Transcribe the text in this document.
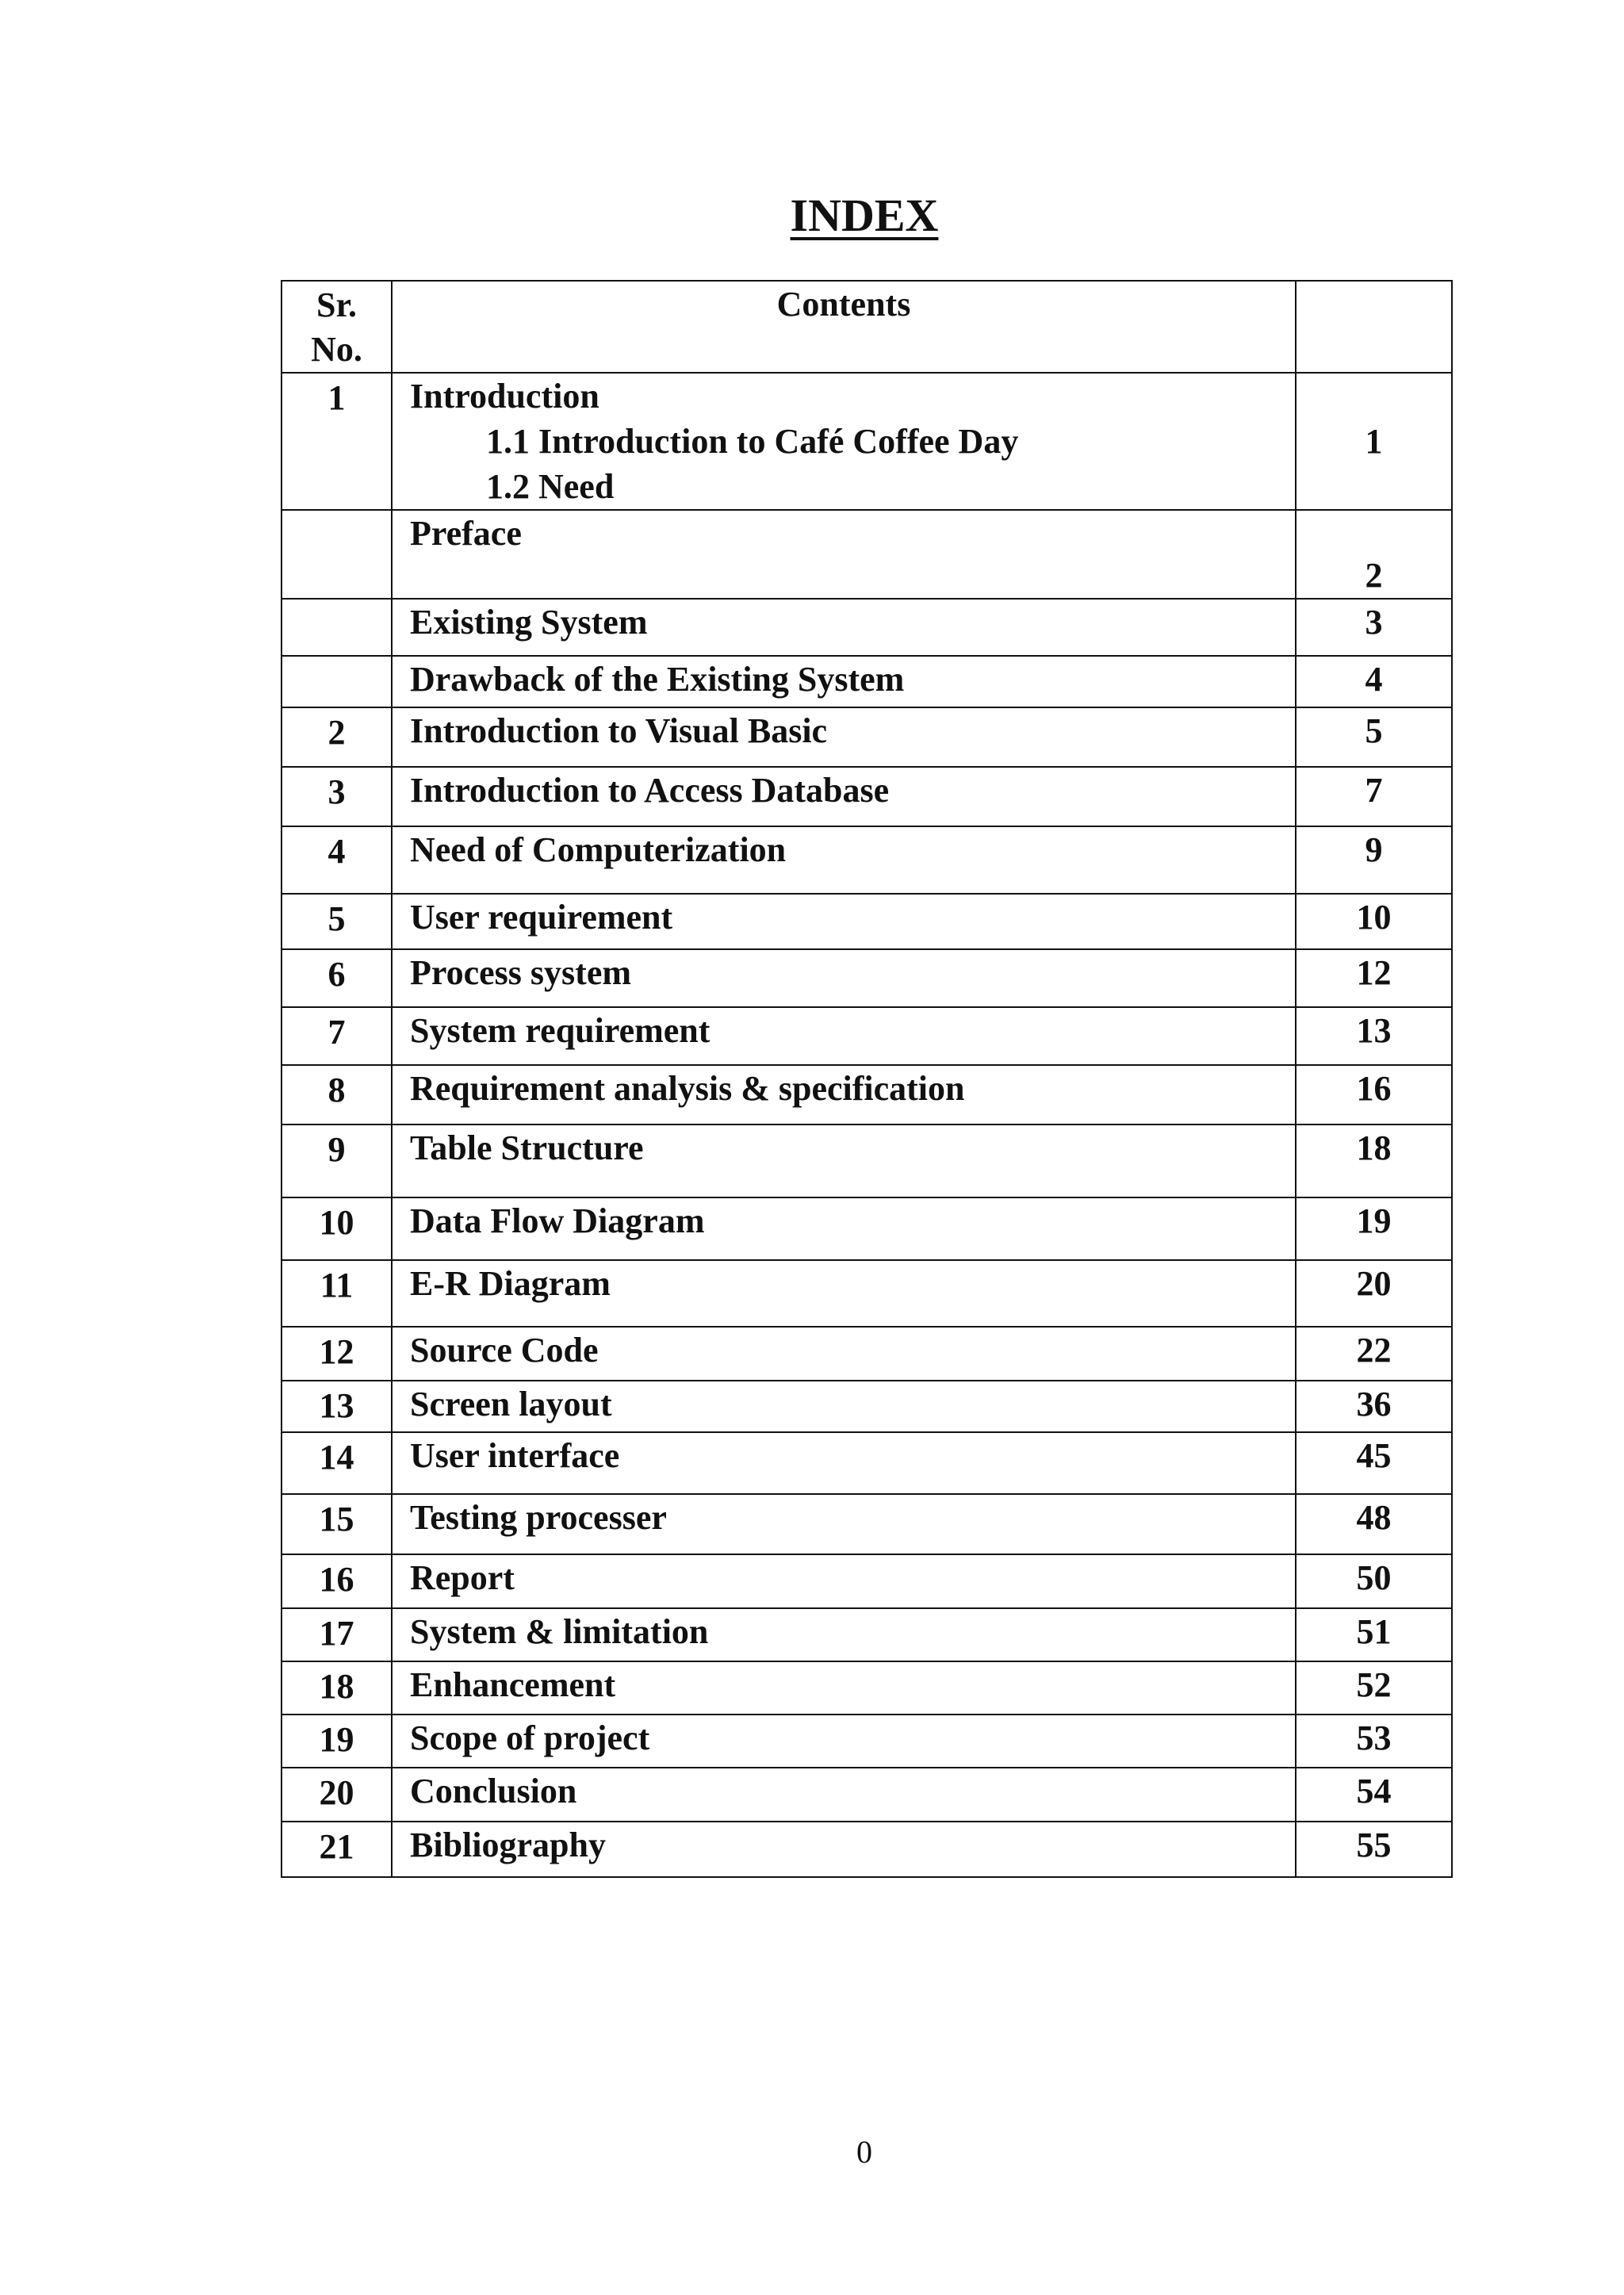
INDEX
Sr.
No.	Contents	
1	Introduction
1.1 Introduction to Café Coffee Day
1.2 Need	1
	Preface	2
	Existing System	3
	Drawback of the Existing System	4
2	Introduction to Visual Basic	5
3	Introduction to Access Database	7
4	Need of Computerization	9
5	User requirement	10
6	Process system	12
7	System requirement	13
8	Requirement analysis & specification	16
9	Table Structure	18
10	Data Flow Diagram	19
11	E-R Diagram	20
12	Source Code	22
13	Screen layout	36
14	User interface	45
15	Testing processer	48
16	Report	50
17	System & limitation	51
18	Enhancement	52
19	Scope of project	53
20	Conclusion	54
21	Bibliography	55
0
